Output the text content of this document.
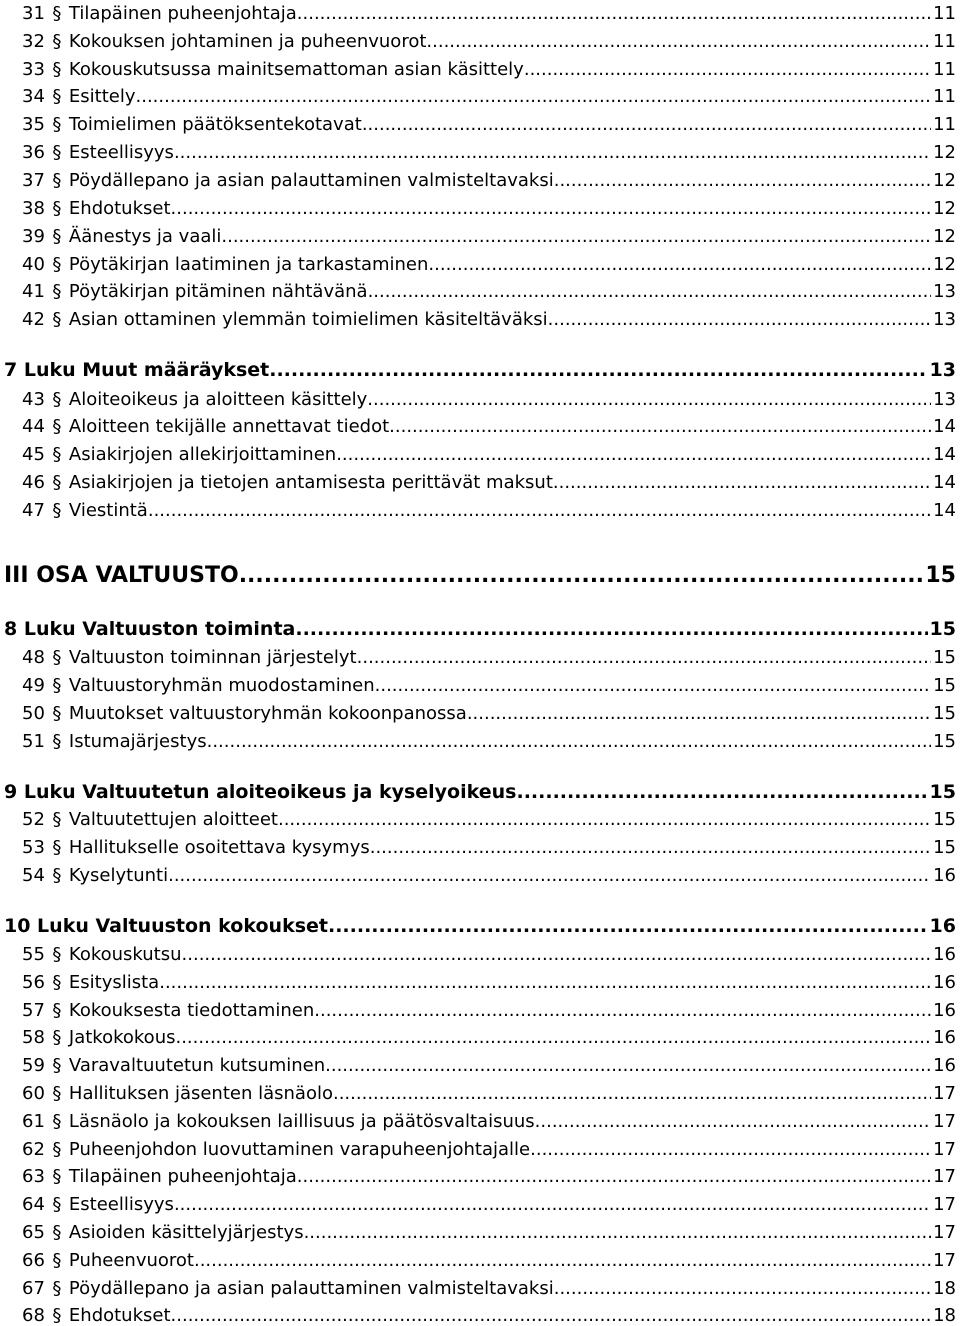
31 § Tilapäinen puheenjohtaja .....	11
32 § Kokouksen johtaminen ja puheenvuorot .....	11
33 § Kokouskutsussa mainitsemattoman asian käsittely .....	11
34 § Esittely .....	11
35 § Toimielimen päätöksentekotavat .....	11
36 § Esteellisyys .....	12
37 § Pöydällepano ja asian palauttaminen valmisteltavaksi .....	12
38 § Ehdotukset .....	12
39 § Äänestys ja vaali .....	12
40 § Pöytäkirjan laatiminen ja tarkastaminen .....	12
41 § Pöytäkirjan pitäminen nähtävänä .....	13
42 § Asian ottaminen ylemmän toimielimen käsiteltäväksi .....	13
7 Luku Muut määräykset .....	13
43 § Aloiteoikeus ja aloitteen käsittely .....	13
44 § Aloitteen tekijälle annettavat tiedot .....	14
45 § Asiakirjojen allekirjoittaminen .....	14
46 § Asiakirjojen ja tietojen antamisesta perittävät maksut .....	14
47 § Viestintä .....	14
III OSA VALTUUSTO .....	15
8 Luku Valtuuston toiminta .....	15
48 § Valtuuston toiminnan järjestelyt .....	15
49 § Valtuustoryhmän muodostaminen .....	15
50 § Muutokset valtuustoryhmän kokoonpanossa .....	15
51 § Istumajärjestys .....	15
9 Luku Valtuutetun aloiteoikeus ja kyselyoikeus .....	15
52 § Valtuutettujen aloitteet .....	15
53 § Hallitukselle osoitettava kysymys .....	15
54 § Kyselytunti .....	16
10 Luku Valtuuston kokoukset .....	16
55 § Kokouskutsu .....	16
56 § Esityslista .....	16
57 § Kokouksesta tiedottaminen .....	16
58 § Jatkokokous .....	16
59 § Varavaltuutetun kutsuminen .....	16
60 § Hallituksen jäsenten läsnäolo .....	17
61 § Läsnäolo ja kokouksen laillisuus ja päätösvaltaisuus .....	17
62 § Puheenjohdon luovuttaminen varapuheenjohtajalle .....	17
63 § Tilapäinen puheenjohtaja .....	17
64 § Esteellisyys .....	17
65 § Asioiden käsittelyjärjestys .....	17
66 § Puheenvuorot .....	17
67 § Pöydällepano ja asian palauttaminen valmisteltavaksi .....	18
68 § Ehdotukset .....	18
